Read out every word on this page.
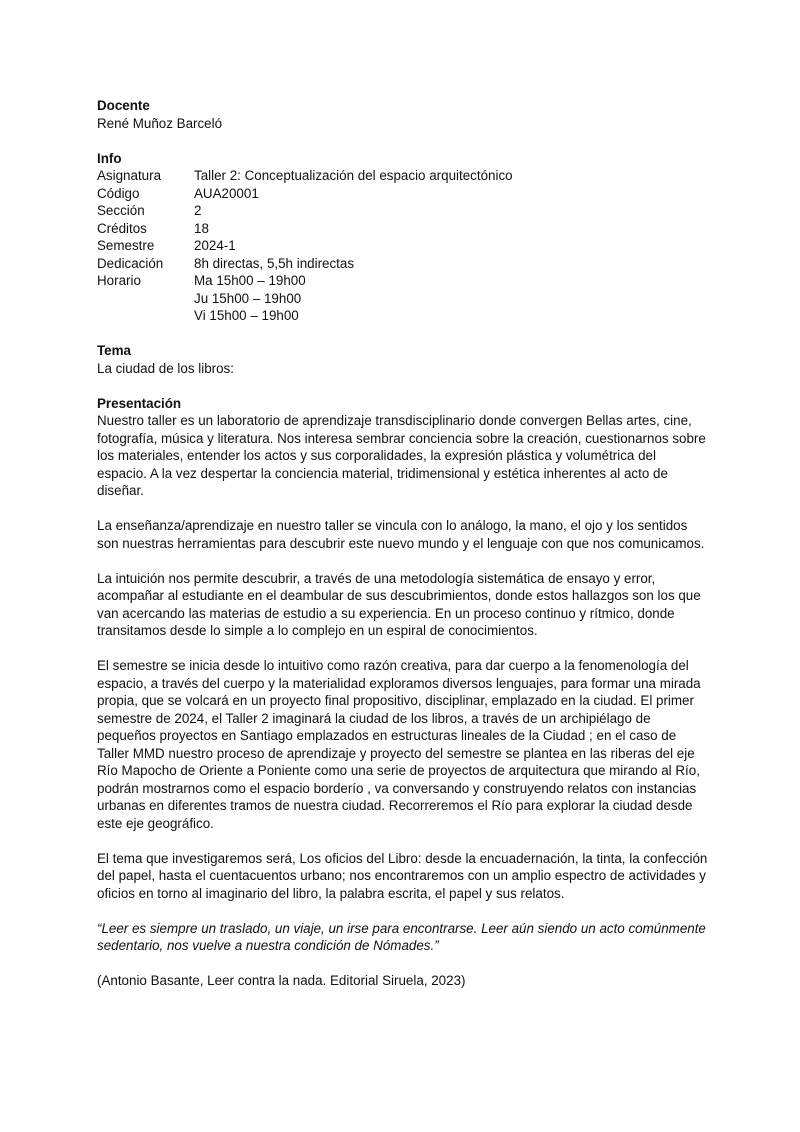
Docente

René Muñoz Barceló

Info
Asignatura	Taller 2: Conceptualización del espacio arquitectónico
Código	AUA20001
Sección	2
Créditos	18
Semestre	2024-1
Dedicación	8h directas, 5,5h indirectas
Horario	Ma 15h00 – 19h00
Ju 15h00 – 19h00
Vi 15h00 – 19h00
Tema

La ciudad de los libros:

Presentación

Nuestro taller es un laboratorio de aprendizaje transdisciplinario donde convergen Bellas artes, cine, fotografía, música y literatura. Nos interesa sembrar conciencia sobre la creación, cuestionarnos sobre los materiales, entender los actos y sus corporalidades, la expresión plástica y volumétrica del espacio. A la vez despertar la conciencia material, tridimensional y estética inherentes al acto de diseñar.

La enseñanza/aprendizaje en nuestro taller se vincula con lo análogo, la mano, el ojo y los sentidos son nuestras herramientas para descubrir este nuevo mundo y el lenguaje con que nos comunicamos.

La intuición nos permite descubrir, a través de una metodología sistemática de ensayo y error, acompañar al estudiante en el deambular de sus descubrimientos, donde estos hallazgos son los que van acercando las materias de estudio a su experiencia. En un proceso continuo y rítmico, donde transitamos desde lo simple a lo complejo en un espiral de conocimientos.

El semestre se inicia desde lo intuitivo como razón creativa, para dar cuerpo a la fenomenología del espacio, a través del cuerpo y la materialidad exploramos diversos lenguajes, para formar una mirada propia, que se volcará en un proyecto final propositivo, disciplinar, emplazado en la ciudad. El primer semestre de 2024, el Taller 2 imaginará la ciudad de los libros, a través de un archipiélago de pequeños proyectos en Santiago emplazados en estructuras lineales de la Ciudad ; en el caso de Taller MMD nuestro proceso de aprendizaje y proyecto del semestre se plantea en las riberas del eje Río Mapocho de Oriente a Poniente como una serie de proyectos de arquitectura que mirando al Río, podrán mostrarnos como el espacio borderío , va conversando y construyendo relatos con instancias urbanas en diferentes tramos de nuestra ciudad. Recorreremos el Río para explorar la ciudad desde este eje geográfico.

El tema que investigaremos será, Los oficios del Libro: desde la encuadernación, la tinta, la confección del papel, hasta el cuentacuentos urbano; nos encontraremos con un amplio espectro de actividades y oficios en torno al imaginario del libro, la palabra escrita, el papel y sus relatos.

“Leer es siempre un traslado, un viaje, un irse para encontrarse. Leer aún siendo un acto comúnmente sedentario, nos vuelve a nuestra condición de Nómades.”

(Antonio Basante, Leer contra la nada. Editorial Siruela, 2023)
